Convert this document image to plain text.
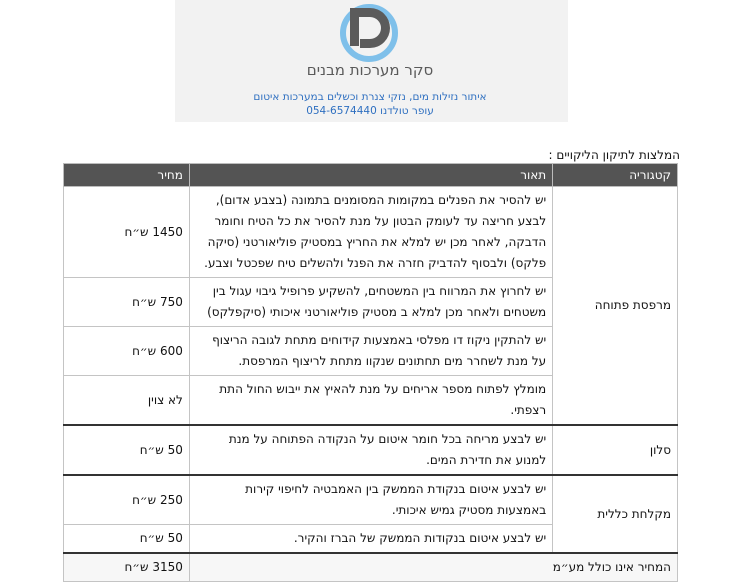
סקר מערכות מבנים
איתור נזילות מים, נזקי צנרת וכשלים במערכות איטום
עופר טולדנו 054-6574440
המלצות לתיקון הליקויים :
קטגוריה	תאור	מחיר
מרפסת פתוחה	יש להסיר את הפנלים במקומות המסומנים בתמונה (בצבע אדום), לבצע חריצה עד לעומק הבטון על מנת להסיר את כל הטיח וחומר הדבקה, לאחר מכן יש למלא את החריץ במסטיק פוליאורטני (סיקה פלקס) ולבסוף להדביק חזרה את הפנל ולהשלים טיח שפכטל וצבע.	1450 ש״ח
	יש לחרוץ את המרווח בין המשטחים, להשקיע פרופיל גיבוי עגול בין משטחים ולאחר מכן למלא ב מסטיק פוליאורטני איכותי (סיקפלקס)	750 ש״ח
	יש להתקין ניקוז דו מפלסי באמצעות קידוחים מתחת לגובה הריצוף על מנת לשחרר מים תחתונים שנקוו מתחת לריצוף המרפסת.	600 ש״ח
	מומלץ לפתוח מספר אריחים על מנת להאיץ את ייבוש החול התת רצפתי.	לא צוין
סלון	יש לבצע מריחה בכל חומר איטום על הנקודה הפתוחה על מנת למנוע את חדירת המים.	50 ש״ח
מקלחת כללית	יש לבצע איטום בנקודת הממשק בין האמבטיה לחיפוי קירות באמצעות מסטיק גמיש איכותי.	250 ש״ח
	יש לבצע איטום בנקודות הממשק של הברז והקיר.	50 ש״ח
המחיר אינו כולל מע״מ		3150 ש״ח
